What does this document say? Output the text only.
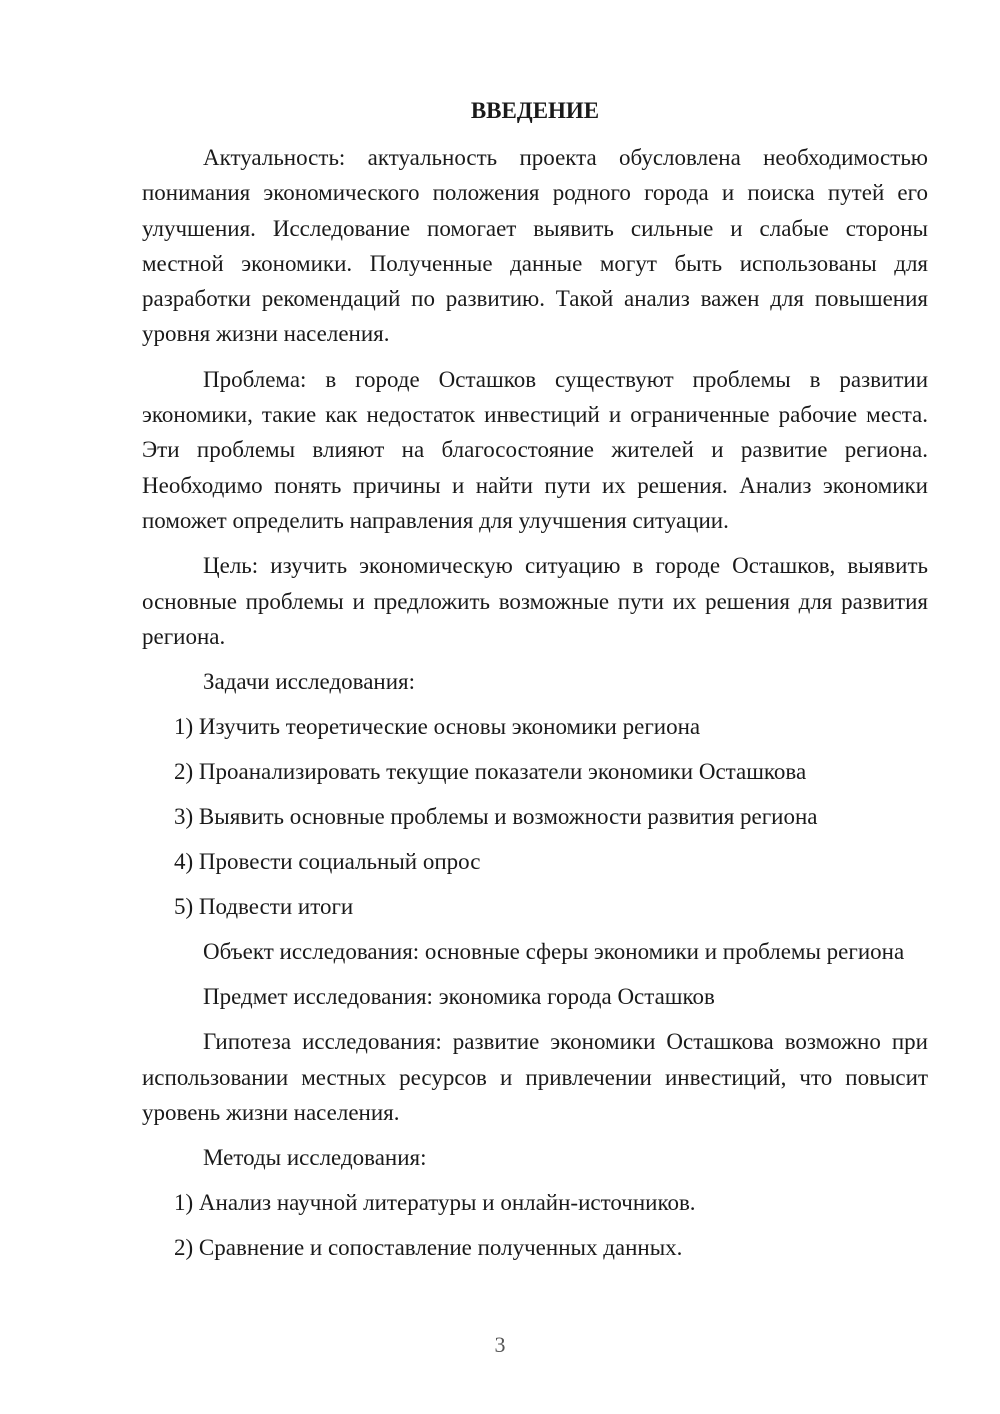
ВВЕДЕНИЕ

Актуальность: актуальность проекта обусловлена необходимостью понимания экономического положения родного города и поиска путей его улучшения. Исследование помогает выявить сильные и слабые стороны местной экономики. Полученные данные могут быть использованы для разработки рекомендаций по развитию. Такой анализ важен для повышения уровня жизни населения.

Проблема: в городе Осташков существуют проблемы в развитии экономики, такие как недостаток инвестиций и ограниченные рабочие места. Эти проблемы влияют на благосостояние жителей и развитие региона. Необходимо понять причины и найти пути их решения. Анализ экономики поможет определить направления для улучшения ситуации.

Цель: изучить экономическую ситуацию в городе Осташков, выявить основные проблемы и предложить возможные пути их решения для развития региона.

Задачи исследования:
1) Изучить теоретические основы экономики региона
2) Проанализировать текущие показатели экономики Осташкова
3) Выявить основные проблемы и возможности развития региона
4) Провести социальный опрос
5) Подвести итоги

Объект исследования: основные сферы экономики и проблемы региона

Предмет исследования: экономика города Осташков

Гипотеза исследования: развитие экономики Осташкова возможно при использовании местных ресурсов и привлечении инвестиций, что повысит уровень жизни населения.

Методы исследования:
1) Анализ научной литературы и онлайн-источников.
2) Сравнение и сопоставление полученных данных.
3
